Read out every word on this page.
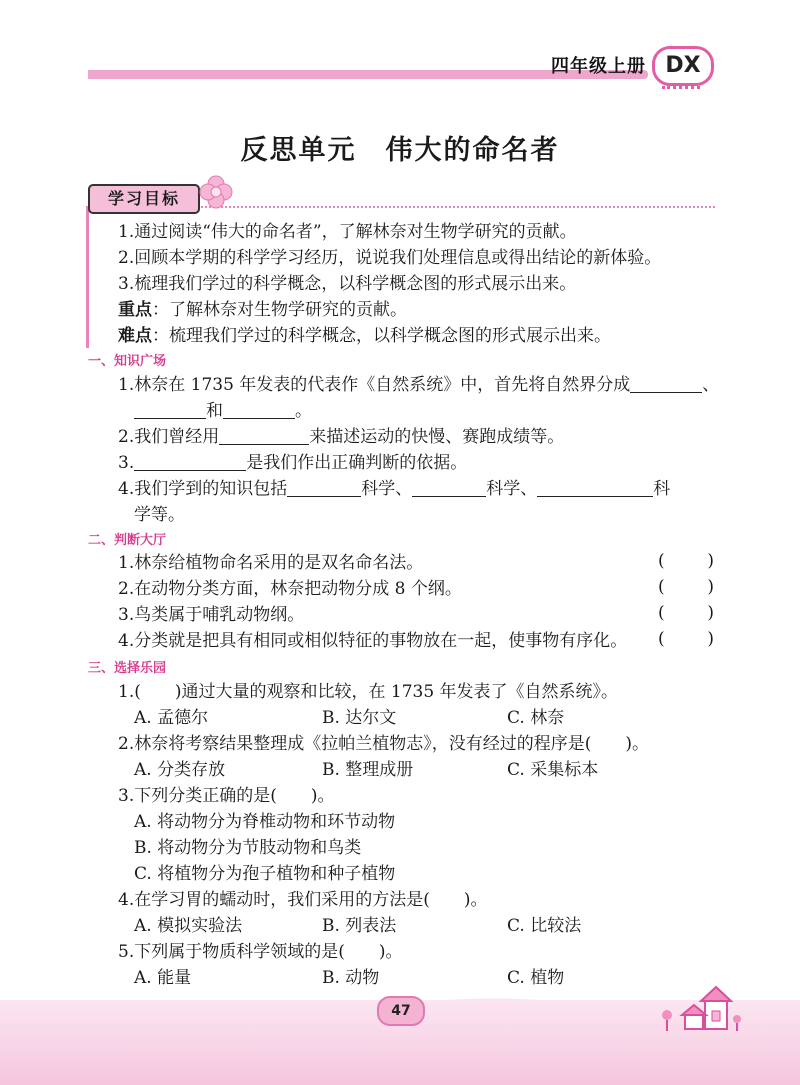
四年级上册 DX
反思单元　伟大的命名者
学习目标
1.通过阅读“伟大的命名者”，了解林奈对生物学研究的贡献。
2.回顾本学期的科学学习经历，说说我们处理信息或得出结论的新体验。
3.梳理我们学过的科学概念，以科学概念图的形式展示出来。
重点：了解林奈对生物学研究的贡献。
难点：梳理我们学过的科学概念，以科学概念图的形式展示出来。
一、知识广场
1.林奈在 1735 年发表的代表作《自然系统》中，首先将自然界分成	、
和	。
2.我们曾经用	来描述运动的快慢、赛跑成绩等。
3.	是我们作出正确判断的依据。
4.我们学到的知识包括	科学、	科学、	科
学等。
二、判断大厅
1.林奈给植物命名采用的是双名命名法。	(	)
2.在动物分类方面，林奈把动物分成 8 个纲。	(	)
3.鸟类属于哺乳动物纲。	(	)
4.分类就是把具有相同或相似特征的事物放在一起，使事物有序化。 (	)
三、选择乐园
1.(　　)通过大量的观察和比较，在 1735 年发表了《自然系统》。
A. 孟德尔	B. 达尔文	C. 林奈
2.林奈将考察结果整理成《拉帕兰植物志》，没有经过的程序是(　　)。
A. 分类存放	B. 整理成册	C. 采集标本
3.下列分类正确的是(　　)。
A. 将动物分为脊椎动物和环节动物
B. 将动物分为节肢动物和鸟类
C. 将植物分为孢子植物和种子植物
4.在学习胃的蠕动时，我们采用的方法是(　　)。
A. 模拟实验法	B. 列表法	C. 比较法
5.下列属于物质科学领域的是(　　)。
A. 能量	B. 动物	C. 植物
47
